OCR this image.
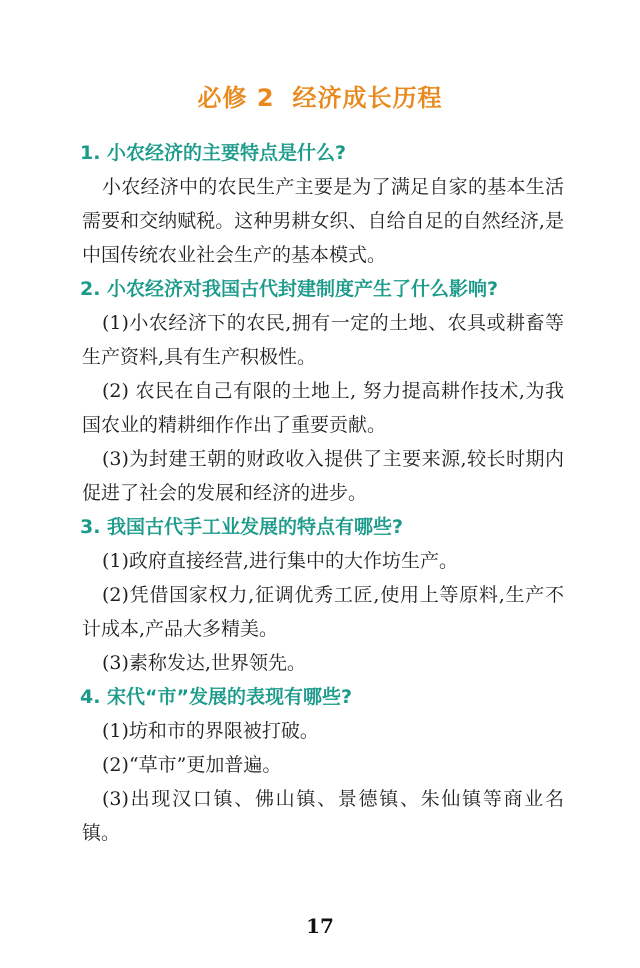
必修 2 经济成长历程
1. 小农经济的主要特点是什么?

小农经济中的农民生产主要是为了满足自家的基本生活需要和交纳赋税。这种男耕女织、自给自足的自然经济,是中国传统农业社会生产的基本模式。

2. 小农经济对我国古代封建制度产生了什么影响?

(1)小农经济下的农民,拥有一定的土地、农具或耕畜等生产资料,具有生产积极性。

(2) 农民在自己有限的土地上, 努力提高耕作技术,为我国农业的精耕细作作出了重要贡献。

(3)为封建王朝的财政收入提供了主要来源,较长时期内促进了社会的发展和经济的进步。

3. 我国古代手工业发展的特点有哪些?

(1)政府直接经营,进行集中的大作坊生产。

(2)凭借国家权力,征调优秀工匠,使用上等原料,生产不计成本,产品大多精美。

(3)素称发达,世界领先。

4. 宋代“市”发展的表现有哪些?

(1)坊和市的界限被打破。

(2)“草市”更加普遍。

(3)出现汉口镇、佛山镇、景德镇、朱仙镇等商业名镇。

17
